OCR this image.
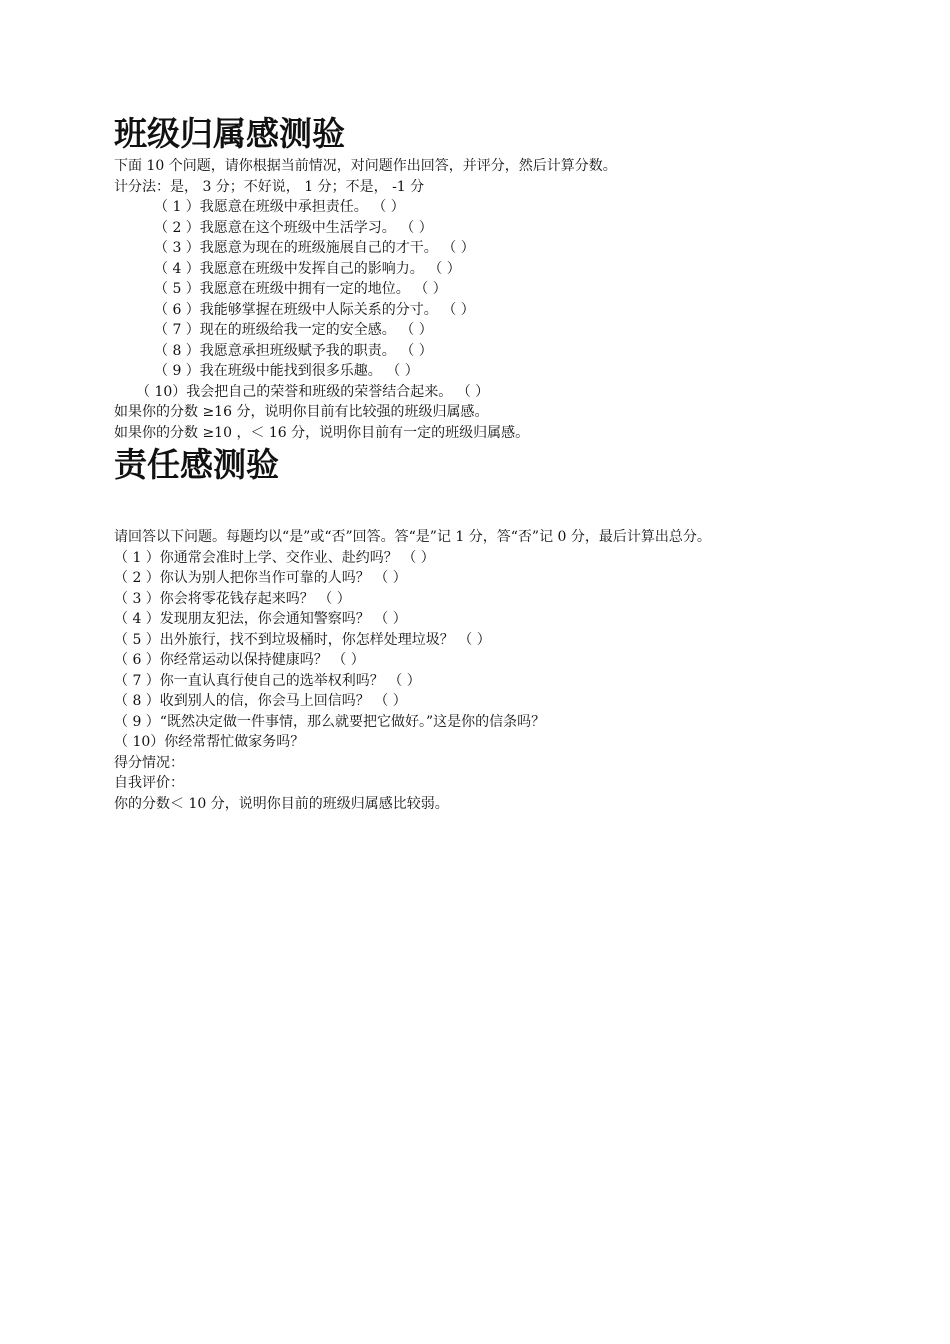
班级归属感测验
下面 10 个问题，请你根据当前情况，对问题作出回答，并评分，然后计算分数。
计分法：是， 3 分；不好说， 1 分；不是， -1 分
（ 1 ）我愿意在班级中承担责任。 （ ）
（ 2 ）我愿意在这个班级中生活学习。 （ ）
（ 3 ）我愿意为现在的班级施展自己的才干。 （ ）
（ 4 ）我愿意在班级中发挥自己的影响力。 （ ）
（ 5 ）我愿意在班级中拥有一定的地位。 （ ）
（ 6 ）我能够掌握在班级中人际关系的分寸。 （ ）
（ 7 ）现在的班级给我一定的安全感。 （ ）
（ 8 ）我愿意承担班级赋予我的职责。 （ ）
（ 9 ）我在班级中能找到很多乐趣。 （ ）
（ 10）我会把自己的荣誉和班级的荣誉结合起来。 （ ）
如果你的分数 ≥16 分，说明你目前有比较强的班级归属感。
如果你的分数 ≥10 ，＜ 16 分，说明你目前有一定的班级归属感。
责任感测验
请回答以下问题。每题均以“是”或“否”回答。答“是”记 1 分，答“否”记 0 分，最后计算出总分。
（ 1 ）你通常会准时上学、交作业、赴约吗？ （ ）
（ 2 ）你认为别人把你当作可靠的人吗？ （ ）
（ 3 ）你会将零花钱存起来吗？ （ ）
（ 4 ）发现朋友犯法，你会通知警察吗？ （ ）
（ 5 ）出外旅行，找不到垃圾桶时，你怎样处理垃圾？ （ ）
（ 6 ）你经常运动以保持健康吗？ （ ）
（ 7 ）你一直认真行使自己的选举权利吗？ （ ）
（ 8 ）收到别人的信，你会马上回信吗？ （ ）
（ 9 ）“既然决定做一件事情，那么就要把它做好。”这是你的信条吗？
（ 10）你经常帮忙做家务吗？
得分情况：
自我评价：
你的分数＜ 10 分，说明你目前的班级归属感比较弱。
